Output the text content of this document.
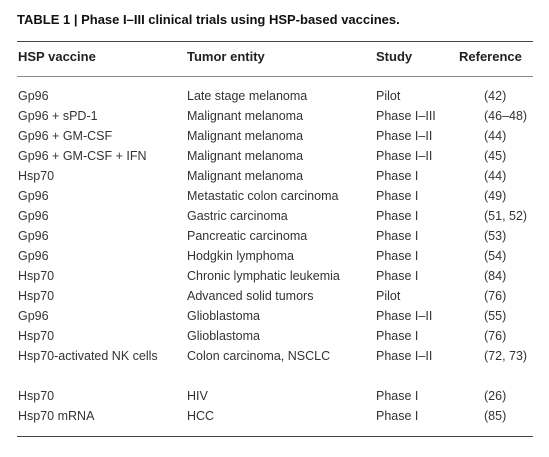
TABLE 1 | Phase I–III clinical trials using HSP-based vaccines.
HSP vaccine	Tumor entity	Study	Reference
Gp96	Late stage melanoma	Pilot	(42)
Gp96 + sPD-1	Malignant melanoma	Phase I–III	(46–48)
Gp96 + GM-CSF	Malignant melanoma	Phase I–II	(44)
Gp96 + GM-CSF + IFN	Malignant melanoma	Phase I–II	(45)
Hsp70	Malignant melanoma	Phase I	(44)
Gp96	Metastatic colon carcinoma	Phase I	(49)
Gp96	Gastric carcinoma	Phase I	(51, 52)
Gp96	Pancreatic carcinoma	Phase I	(53)
Gp96	Hodgkin lymphoma	Phase I	(54)
Hsp70	Chronic lymphatic leukemia	Phase I	(84)
Hsp70	Advanced solid tumors	Pilot	(76)
Gp96	Glioblastoma	Phase I–II	(55)
Hsp70	Glioblastoma	Phase I	(76)
Hsp70-activated NK cells	Colon carcinoma, NSCLC	Phase I–II	(72, 73)
Hsp70	HIV	Phase I	(26)
Hsp70 mRNA	HCC	Phase I	(85)
